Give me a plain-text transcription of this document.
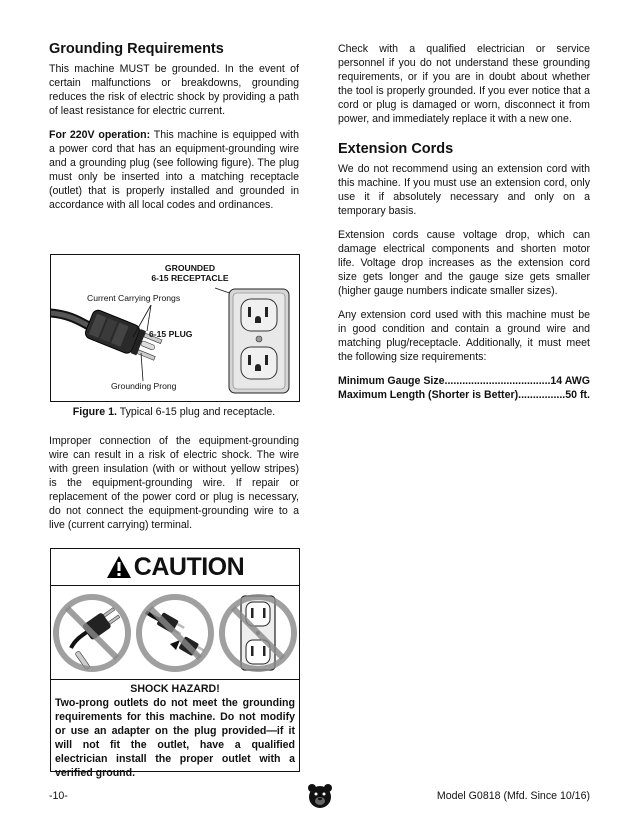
Grounding Requirements

This machine MUST be grounded. In the event of certain malfunctions or breakdowns, grounding reduces the risk of electric shock by providing a path of least resistance for electric current.

For 220V operation: This machine is equipped with a power cord that has an equipment-grounding wire and a grounding plug (see following figure). The plug must only be inserted into a matching receptacle (outlet) that is properly installed and grounded in accordance with all local codes and ordinances.

GROUNDED
6-15 RECEPTACLE
Current Carrying Prongs
6-15 PLUG
Grounding Prong

Figure 1. Typical 6-15 plug and receptacle.

Improper connection of the equipment-grounding wire can result in a risk of electric shock. The wire with green insulation (with or without yellow stripes) is the equipment-grounding wire. If repair or replacement of the power cord or plug is necessary, do not connect the equipment-grounding wire to a live (current carrying) terminal.

CAUTION

SHOCK HAZARD!

Two-prong outlets do not meet the grounding requirements for this machine. Do not modify or use an adapter on the plug provided—if it will not fit the outlet, have a qualified electrician install the proper outlet with a verified ground.

Check with a qualified electrician or service personnel if you do not understand these grounding requirements, or if you are in doubt about whether the tool is properly grounded. If you ever notice that a cord or plug is damaged or worn, disconnect it from power, and immediately replace it with a new one.

Extension Cords

We do not recommend using an extension cord with this machine. If you must use an extension cord, only use it if absolutely necessary and only on a temporary basis.

Extension cords cause voltage drop, which can damage electrical components and shorten motor life. Voltage drop increases as the extension cord size gets longer and the gauge size gets smaller (higher gauge numbers indicate smaller sizes).

Any extension cord used with this machine must be in good condition and contain a ground wire and matching plug/receptacle. Additionally, it must meet the following size requirements:

Minimum Gauge Size .....	14 AWG
Maximum Length (Shorter is Better) .....	50 ft.
-10-	Model G0818 (Mfd. Since 10/16)
